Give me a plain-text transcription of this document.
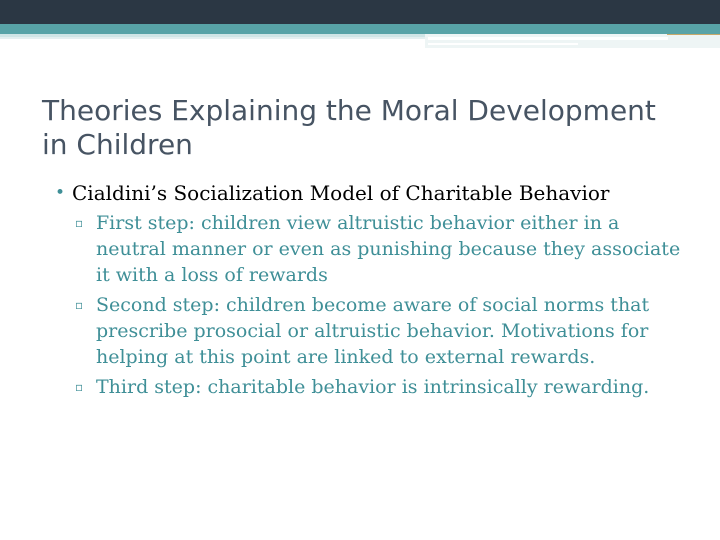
Theories Explaining the Moral Development in Children
• Cialdini’s Socialization Model of Charitable Behavior
▫ First step: children view altruistic behavior either in a neutral manner or even as punishing because they associate it with a loss of rewards
▫ Second step: children become aware of social norms that prescribe prosocial or altruistic behavior. Motivations for helping at this point are linked to external rewards.
▫ Third step: charitable behavior is intrinsically rewarding.
